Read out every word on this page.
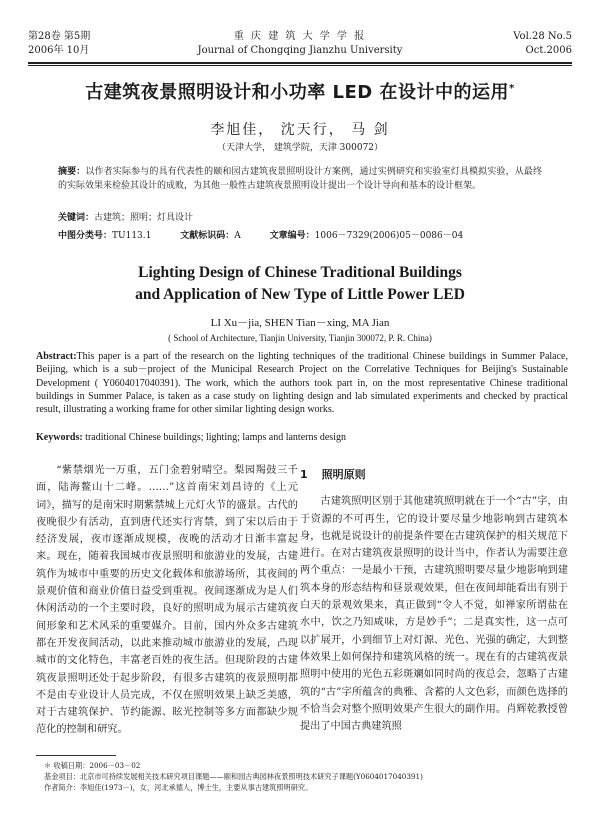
第28卷 第5期
2006年 10月
重 庆 建 筑 大 学 学 报
Journal of Chongqing Jianzhu University
Vol.28 No.5
Oct.2006
古建筑夜景照明设计和小功率 LED 在设计中的运用*
李旭佳， 沈天行， 马 剑
（天津大学， 建筑学院，天津 300072）
摘要：以作者实际参与的具有代表性的颐和园古建筑夜景照明设计方案例，通过实例研究和实验室灯具模拟实验，从最终的实际效果来检验其设计的成败，为其他一般性古建筑夜景照明设计提出一个设计导向和基本的设计框架。
关键词：古建筑；照明；灯具设计
中图分类号：TU113.1	文献标识码：A	文章编号：1006－7329(2006)05－0086－04
Lighting Design of Chinese Traditional Buildings
and Application of New Type of Little Power LED
LI Xu－jia, SHEN Tian－xing, MA Jian
( School of Architecture, Tianjin University, Tianjin 300072, P. R. China)
Abstract:This paper is a part of the research on the lighting techniques of the traditional Chinese buildings in Summer Palace, Beijing, which is a sub－project of the Municipal Research Project on the Correlative Techniques for Beijing's Sustainable Development ( Y0604017040391). The work, which the authors took part in, on the most representative Chinese traditional buildings in Summer Palace, is taken as a case study on lighting design and lab simulated experiments and checked by practical result, illustrating a working frame for other similar lighting design works.
Keywords: traditional Chinese buildings; lighting; lamps and lanterns design

“紫禁烟光一万重，五门金碧射晴空。梨园羯鼓三千面，陆海鳌山十二峰。……”这首南宋刘昌诗的《上元词》，描写的是南宋时期紫禁城上元灯火节的盛景。古代的夜晚很少有活动，直到唐代还实行宵禁，到了宋以后由于经济发展，夜市逐渐成规模，夜晚的活动才日渐丰富起来。现在，随着我国城市夜景照明和旅游业的发展，古建筑作为城市中重要的历史文化载体和旅游场所，其夜间的景观价值和商业价值日益受到重视。夜间逐渐成为是人们休闲活动的一个主要时段，良好的照明成为展示古建筑夜间形象和艺术风采的重要媒介。目前，国内外众多古建筑都在开发夜间活动，以此来推动城市旅游业的发展，凸现城市的文化特色，丰富老百姓的夜生活。但现阶段的古建筑夜景照明还处于起步阶段，有很多古建筑的夜景照明都不是由专业设计人员完成，不仅在照明效果上缺乏美感，对于古建筑保护、节约能源、眩光控制等多方面都缺少规范化的控制和研究。

1 照明原则

古建筑照明区别于其他建筑照明就在于一个“古”字，由于资源的不可再生，它的设计要尽量少地影响到古建筑本身，也就是说设计的前提条件要在古建筑保护的相关规范下进行。在对古建筑夜景照明的设计当中，作者认为需要注意两个重点：一是最小干预，古建筑照明要尽量少地影响到建筑本身的形态结构和昼景观效果，但在夜间却能看出有别于白天的景观效果来，真正做到“令人不觉，如禅家所谓盐在水中，饮之乃知咸味，方是妙手”；二是真实性，这一点可以扩展开，小到细节上对灯源、光色、光强的确定，大到整体效果上如何保持和建筑风格的统一。现在有的古建筑夜景照明中使用的光色五彩斑斓如同时尚的夜总会，忽略了古建筑的“古”字所蕴含的典雅、含蓄的人文色彩，而颜色选择的不恰当会对整个照明效果产生很大的副作用。肖辉乾教授曾提出了中国古典建筑照

＊ 收稿日期：2006－03－02
基金项目：北京市可持续发展相关技术研究项目课题——颐和园古典园林夜景照明技术研究子课题(Y0604017040391)
作者简介：李旭佳(1973－)，女，河北承德人，博士生，主要从事古建筑照明研究。
